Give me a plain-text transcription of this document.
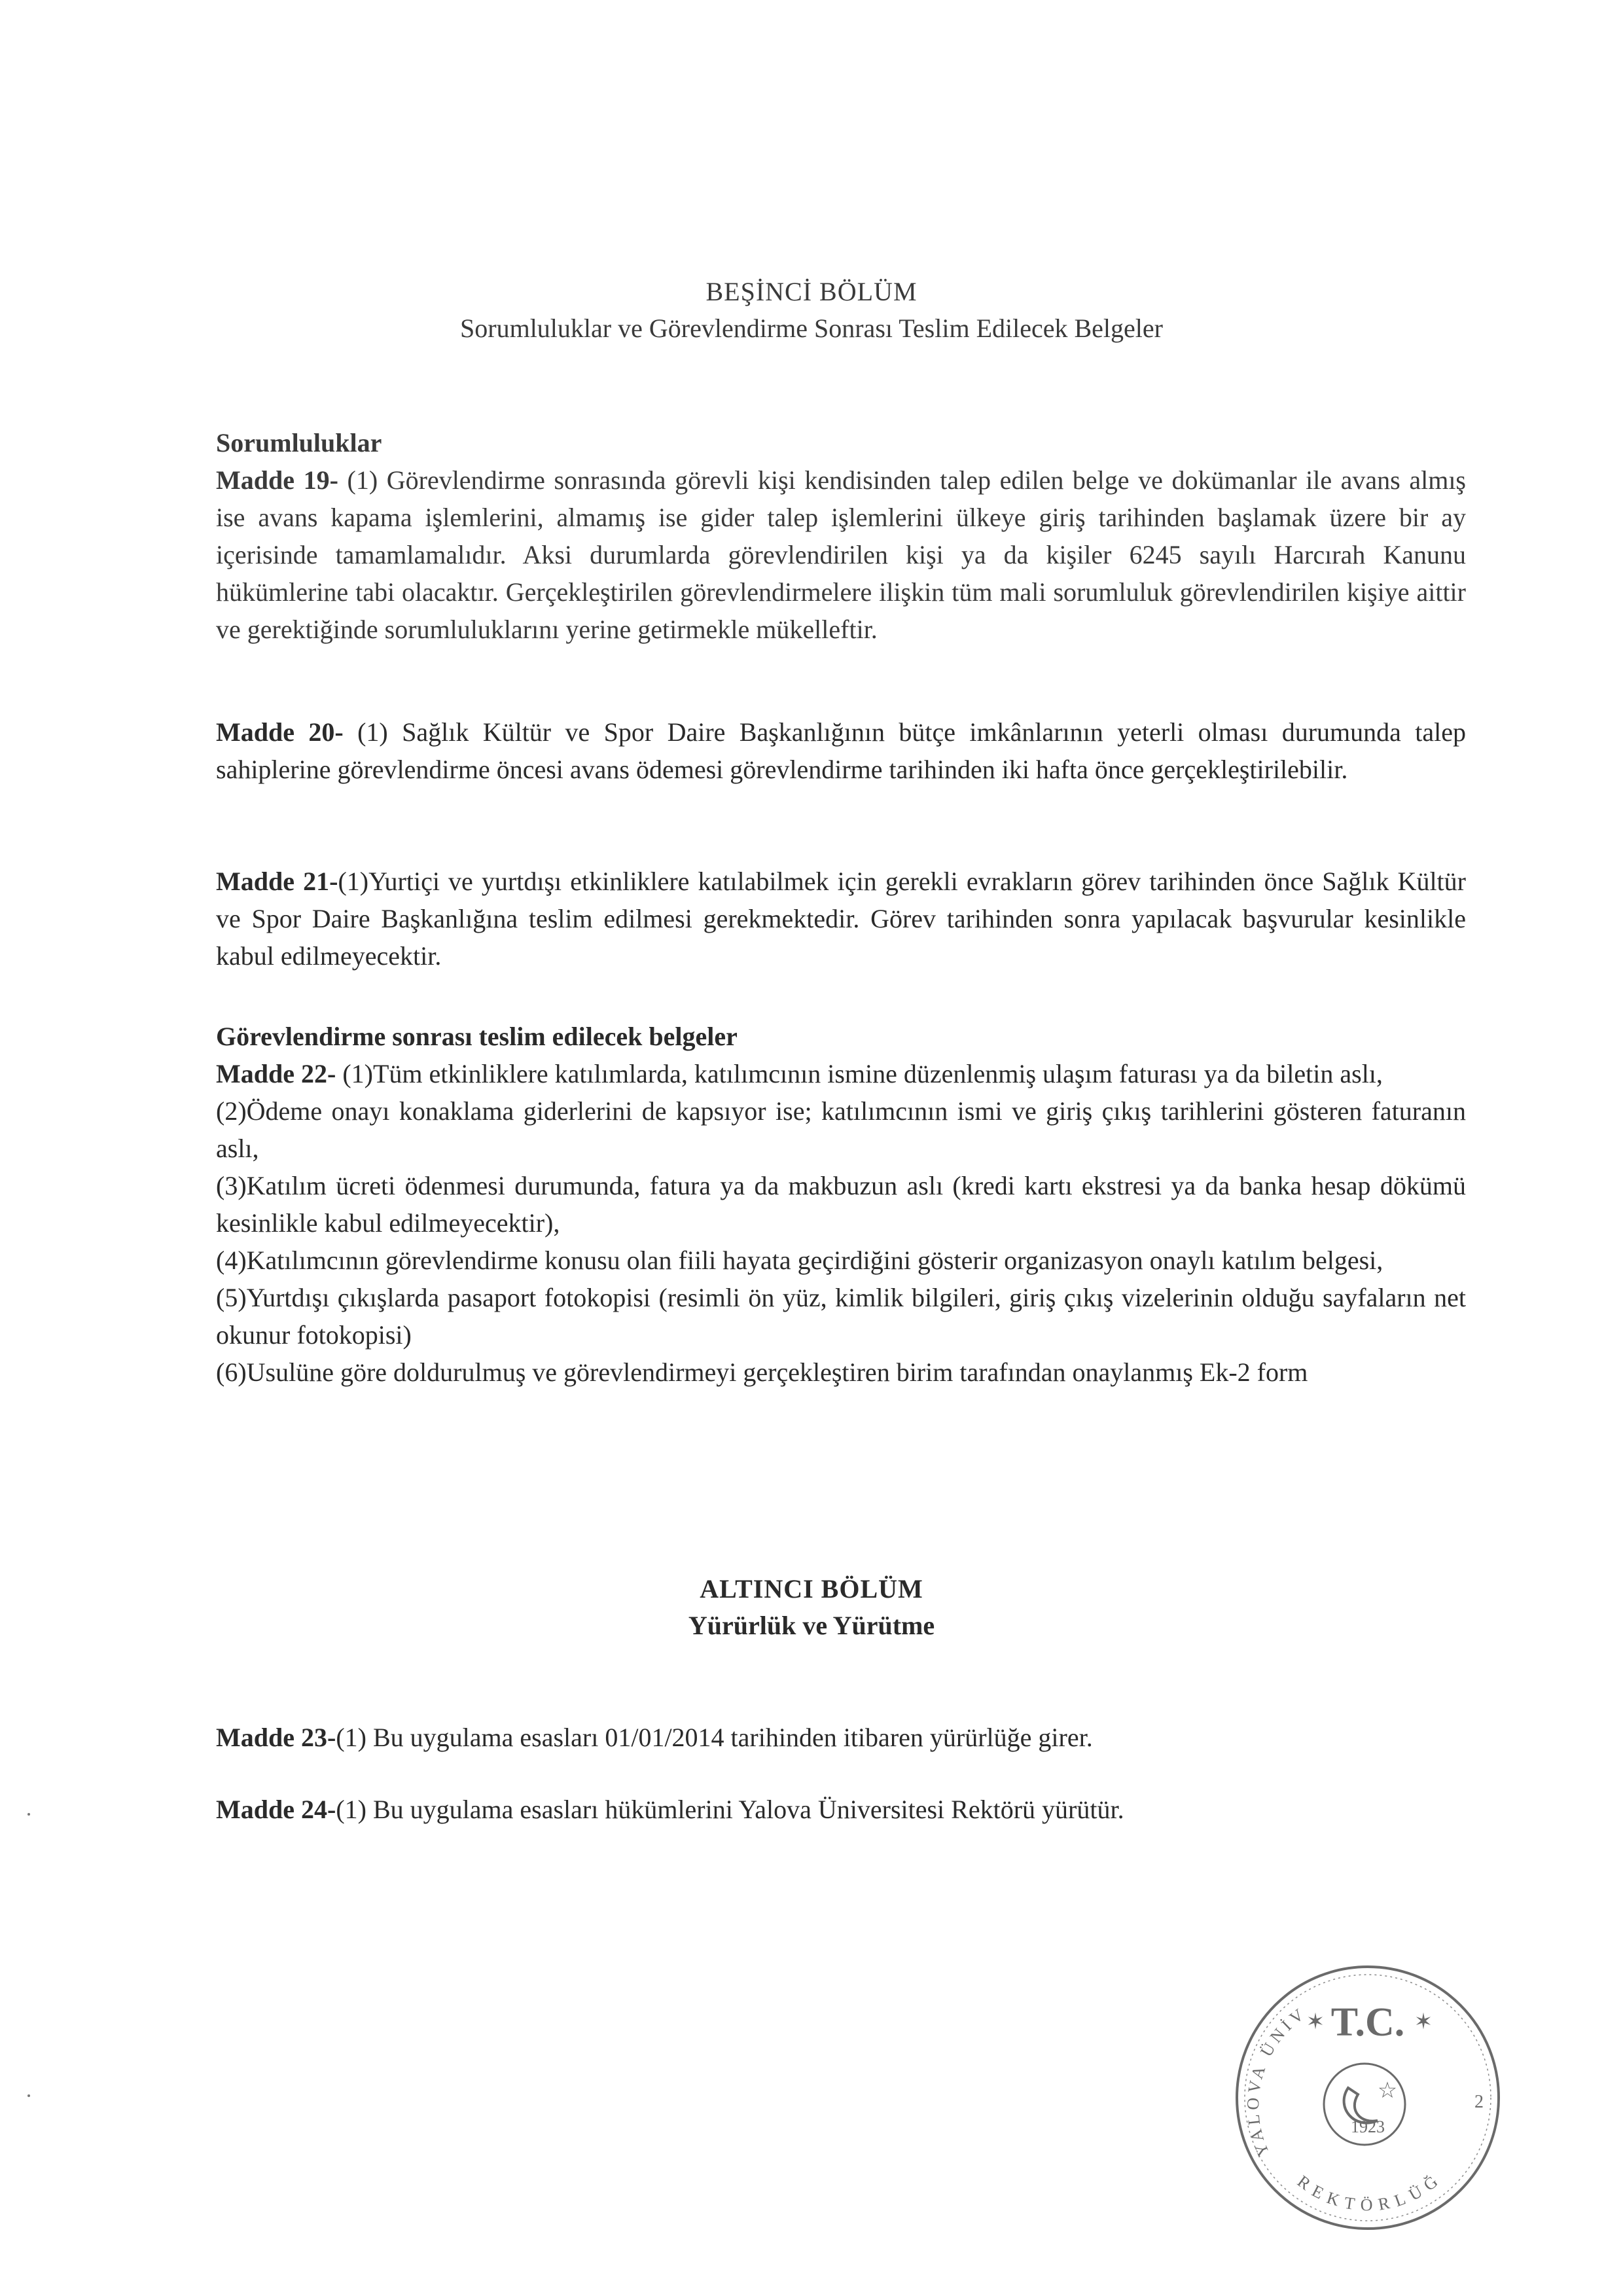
BEŞİNCİ BÖLÜM
Sorumluluklar ve Görevlendirme Sonrası Teslim Edilecek Belgeler

Sorumluluklar

Madde 19- (1) Görevlendirme sonrasında görevli kişi kendisinden talep edilen belge ve dokümanlar ile avans almış ise avans kapama işlemlerini, almamış ise gider talep işlemlerini ülkeye giriş tarihinden başlamak üzere bir ay içerisinde tamamlamalıdır. Aksi durumlarda görevlendirilen kişi ya da kişiler 6245 sayılı Harcırah Kanunu hükümlerine tabi olacaktır. Gerçekleştirilen görevlendirmelere ilişkin tüm mali sorumluluk görevlendirilen kişiye aittir ve gerektiğinde sorumluluklarını yerine getirmekle mükelleftir.

Madde 20- (1) Sağlık Kültür ve Spor Daire Başkanlığının bütçe imkânlarının yeterli olması durumunda talep sahiplerine görevlendirme öncesi avans ödemesi görevlendirme tarihinden iki hafta önce gerçekleştirilebilir.

Madde 21-(1)Yurtiçi ve yurtdışı etkinliklere katılabilmek için gerekli evrakların görev tarihinden önce Sağlık Kültür ve Spor Daire Başkanlığına teslim edilmesi gerekmektedir. Görev tarihinden sonra yapılacak başvurular kesinlikle kabul edilmeyecektir.

Görevlendirme sonrası teslim edilecek belgeler

Madde 22- (1)Tüm etkinliklere katılımlarda, katılımcının ismine düzenlenmiş ulaşım faturası ya da biletin aslı,

(2)Ödeme onayı konaklama giderlerini de kapsıyor ise; katılımcının ismi ve giriş çıkış tarihlerini gösteren faturanın aslı,

(3)Katılım ücreti ödenmesi durumunda, fatura ya da makbuzun aslı (kredi kartı ekstresi ya da banka hesap dökümü kesinlikle kabul edilmeyecektir),

(4)Katılımcının görevlendirme konusu olan fiili hayata geçirdiğini gösterir organizasyon onaylı katılım belgesi,

(5)Yurtdışı çıkışlarda pasaport fotokopisi (resimli ön yüz, kimlik bilgileri, giriş çıkış vizelerinin olduğu sayfaların net okunur fotokopisi)

(6)Usulüne göre doldurulmuş ve görevlendirmeyi gerçekleştiren birim tarafından onaylanmış Ek-2 form

ALTINCI BÖLÜM
Yürürlük ve Yürütme

Madde 23-(1) Bu uygulama esasları 01/01/2014 tarihinden itibaren yürürlüğe girer.

Madde 24-(1) Bu uygulama esasları hükümlerini Yalova Üniversitesi Rektörü yürütür.

T.C.
✶	✶
☆
1923
YALOVA ÜNİV
REKTÖRLÜĞ
2
